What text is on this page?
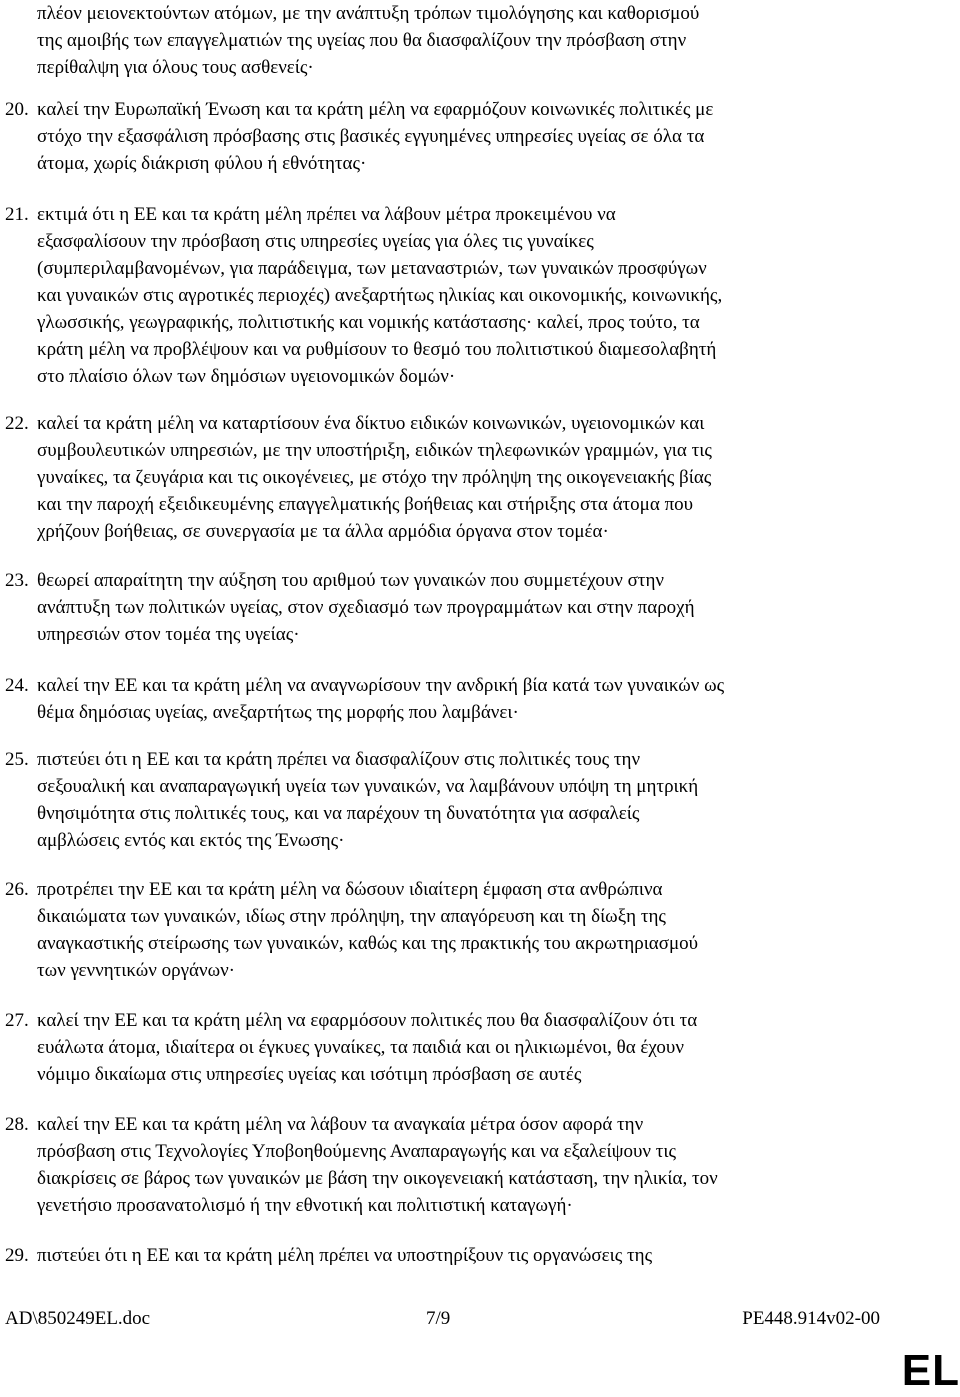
πλέον μειονεκτούντων ατόμων, με την ανάπτυξη τρόπων τιμολόγησης και καθορισμού
της αμοιβής των επαγγελματιών της υγείας που θα διασφαλίζουν την πρόσβαση στην
περίθαλψη για όλους τους ασθενείς·
20. καλεί την Ευρωπαϊκή Ένωση και τα κράτη μέλη να εφαρμόζουν κοινωνικές πολιτικές με
στόχο την εξασφάλιση πρόσβασης στις βασικές εγγυημένες υπηρεσίες υγείας σε όλα τα
άτομα, χωρίς διάκριση φύλου ή εθνότητας·
21. εκτιμά ότι η ΕΕ και τα κράτη μέλη πρέπει να λάβουν μέτρα προκειμένου να
εξασφαλίσουν την πρόσβαση στις υπηρεσίες υγείας για όλες τις γυναίκες
(συμπεριλαμβανομένων, για παράδειγμα, των μεταναστριών, των γυναικών προσφύγων
και γυναικών στις αγροτικές περιοχές) ανεξαρτήτως ηλικίας και οικονομικής, κοινωνικής,
γλωσσικής, γεωγραφικής, πολιτιστικής και νομικής κατάστασης· καλεί, προς τούτο, τα
κράτη μέλη να προβλέψουν και να ρυθμίσουν το θεσμό του πολιτιστικού διαμεσολαβητή
στο πλαίσιο όλων των δημόσιων υγειονομικών δομών·
22. καλεί τα κράτη μέλη να καταρτίσουν ένα δίκτυο ειδικών κοινωνικών, υγειονομικών και
συμβουλευτικών υπηρεσιών, με την υποστήριξη, ειδικών τηλεφωνικών γραμμών, για τις
γυναίκες, τα ζευγάρια και τις οικογένειες, με στόχο την πρόληψη της οικογενειακής βίας
και την παροχή εξειδικευμένης επαγγελματικής βοήθειας και στήριξης στα άτομα που
χρήζουν βοήθειας, σε συνεργασία με τα άλλα αρμόδια όργανα στον τομέα·
23. θεωρεί απαραίτητη την αύξηση του αριθμού των γυναικών που συμμετέχουν στην
ανάπτυξη των πολιτικών υγείας, στον σχεδιασμό των προγραμμάτων και στην παροχή
υπηρεσιών στον τομέα της υγείας·
24. καλεί την ΕΕ και τα κράτη μέλη να αναγνωρίσουν την ανδρική βία κατά των γυναικών ως
θέμα δημόσιας υγείας, ανεξαρτήτως της μορφής που λαμβάνει·
25. πιστεύει ότι η ΕΕ και τα κράτη πρέπει να διασφαλίζουν στις πολιτικές τους την
σεξουαλική και αναπαραγωγική υγεία των γυναικών, να λαμβάνουν υπόψη τη μητρική
θνησιμότητα στις πολιτικές τους, και να παρέχουν τη δυνατότητα για ασφαλείς
αμβλώσεις εντός και εκτός της Ένωσης·
26. προτρέπει την ΕΕ και τα κράτη μέλη να δώσουν ιδιαίτερη έμφαση στα ανθρώπινα
δικαιώματα των γυναικών, ιδίως στην πρόληψη, την απαγόρευση και τη δίωξη της
αναγκαστικής στείρωσης των γυναικών, καθώς και της πρακτικής του ακρωτηριασμού
των γεννητικών οργάνων·
27. καλεί την ΕΕ και τα κράτη μέλη να εφαρμόσουν πολιτικές που θα διασφαλίζουν ότι τα
ευάλωτα άτομα, ιδιαίτερα οι έγκυες γυναίκες, τα παιδιά και οι ηλικιωμένοι, θα έχουν
νόμιμο δικαίωμα στις υπηρεσίες υγείας και ισότιμη πρόσβαση σε αυτές
28. καλεί την ΕΕ και τα κράτη μέλη να λάβουν τα αναγκαία μέτρα όσον αφορά την
πρόσβαση στις Τεχνολογίες Υποβοηθούμενης Αναπαραγωγής και να εξαλείψουν τις
διακρίσεις σε βάρος των γυναικών με βάση την οικογενειακή κατάσταση, την ηλικία, τον
γενετήσιο προσανατολισμό ή την εθνοτική και πολιτιστική καταγωγή·
29. πιστεύει ότι η ΕΕ και τα κράτη μέλη πρέπει να υποστηρίξουν τις οργανώσεις της
AD\850249EL.doc	7/9	PE448.914v02-00
EL
